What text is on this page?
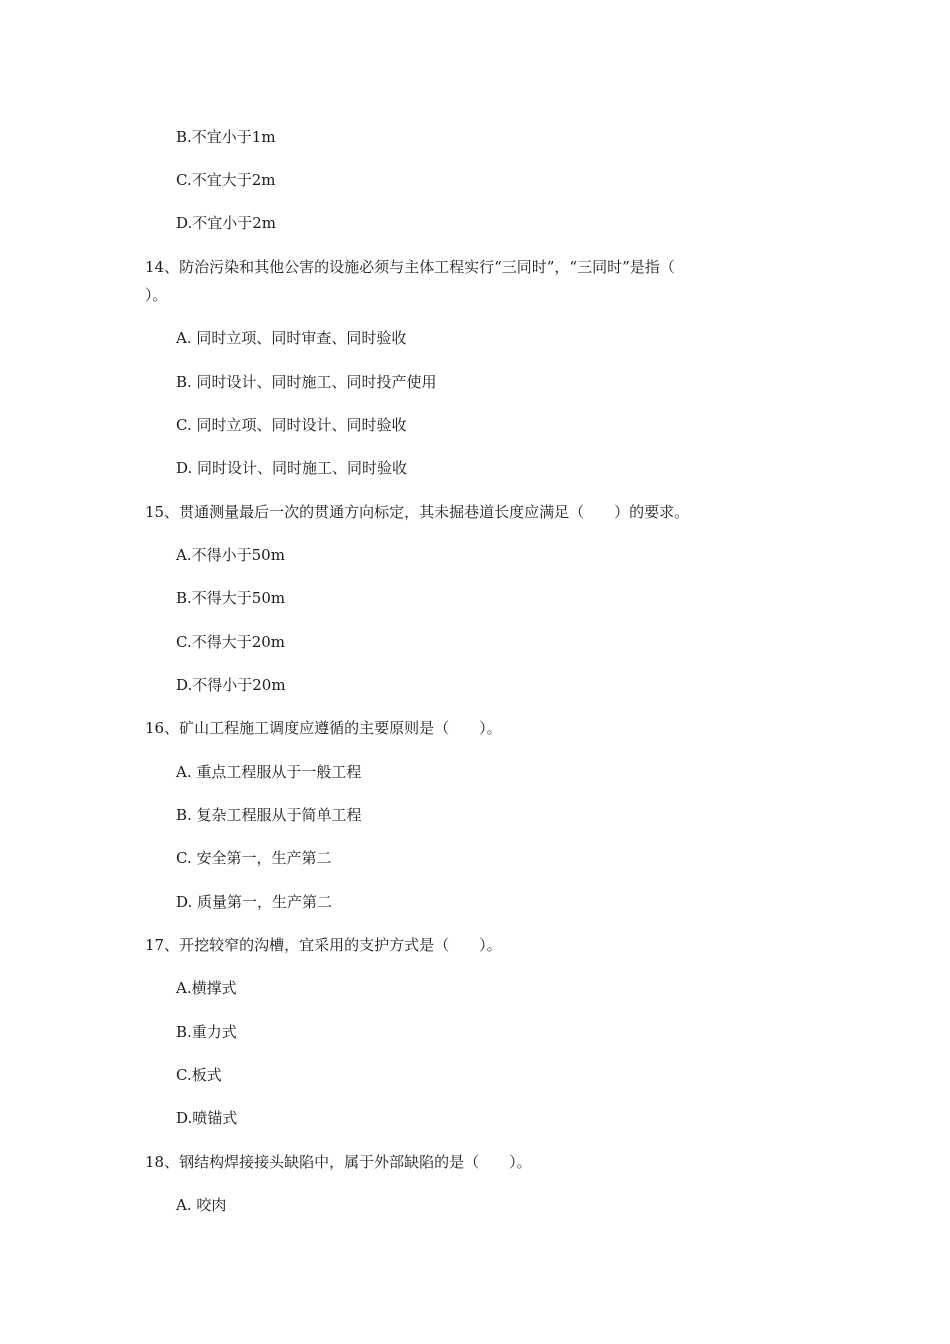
B.不宜小于1m
C.不宜大于2m
D.不宜小于2m
14、防治污染和其他公害的设施必须与主体工程实行“三同时”，“三同时”是指（
）。
A. 同时立项、同时审查、同时验收
B. 同时设计、同时施工、同时投产使用
C. 同时立项、同时设计、同时验收
D. 同时设计、同时施工、同时验收
15、贯通测量最后一次的贯通方向标定，其未掘巷道长度应满足（　　）的要求。
A.不得小于50m
B.不得大于50m
C.不得大于20m
D.不得小于20m
16、矿山工程施工调度应遵循的主要原则是（　　）。
A. 重点工程服从于一般工程
B. 复杂工程服从于简单工程
C. 安全第一，生产第二
D. 质量第一，生产第二
17、开挖较窄的沟槽，宜采用的支护方式是（　　）。
A.横撑式
B.重力式
C.板式
D.喷锚式
18、钢结构焊接接头缺陷中，属于外部缺陷的是（　　）。
A. 咬肉
